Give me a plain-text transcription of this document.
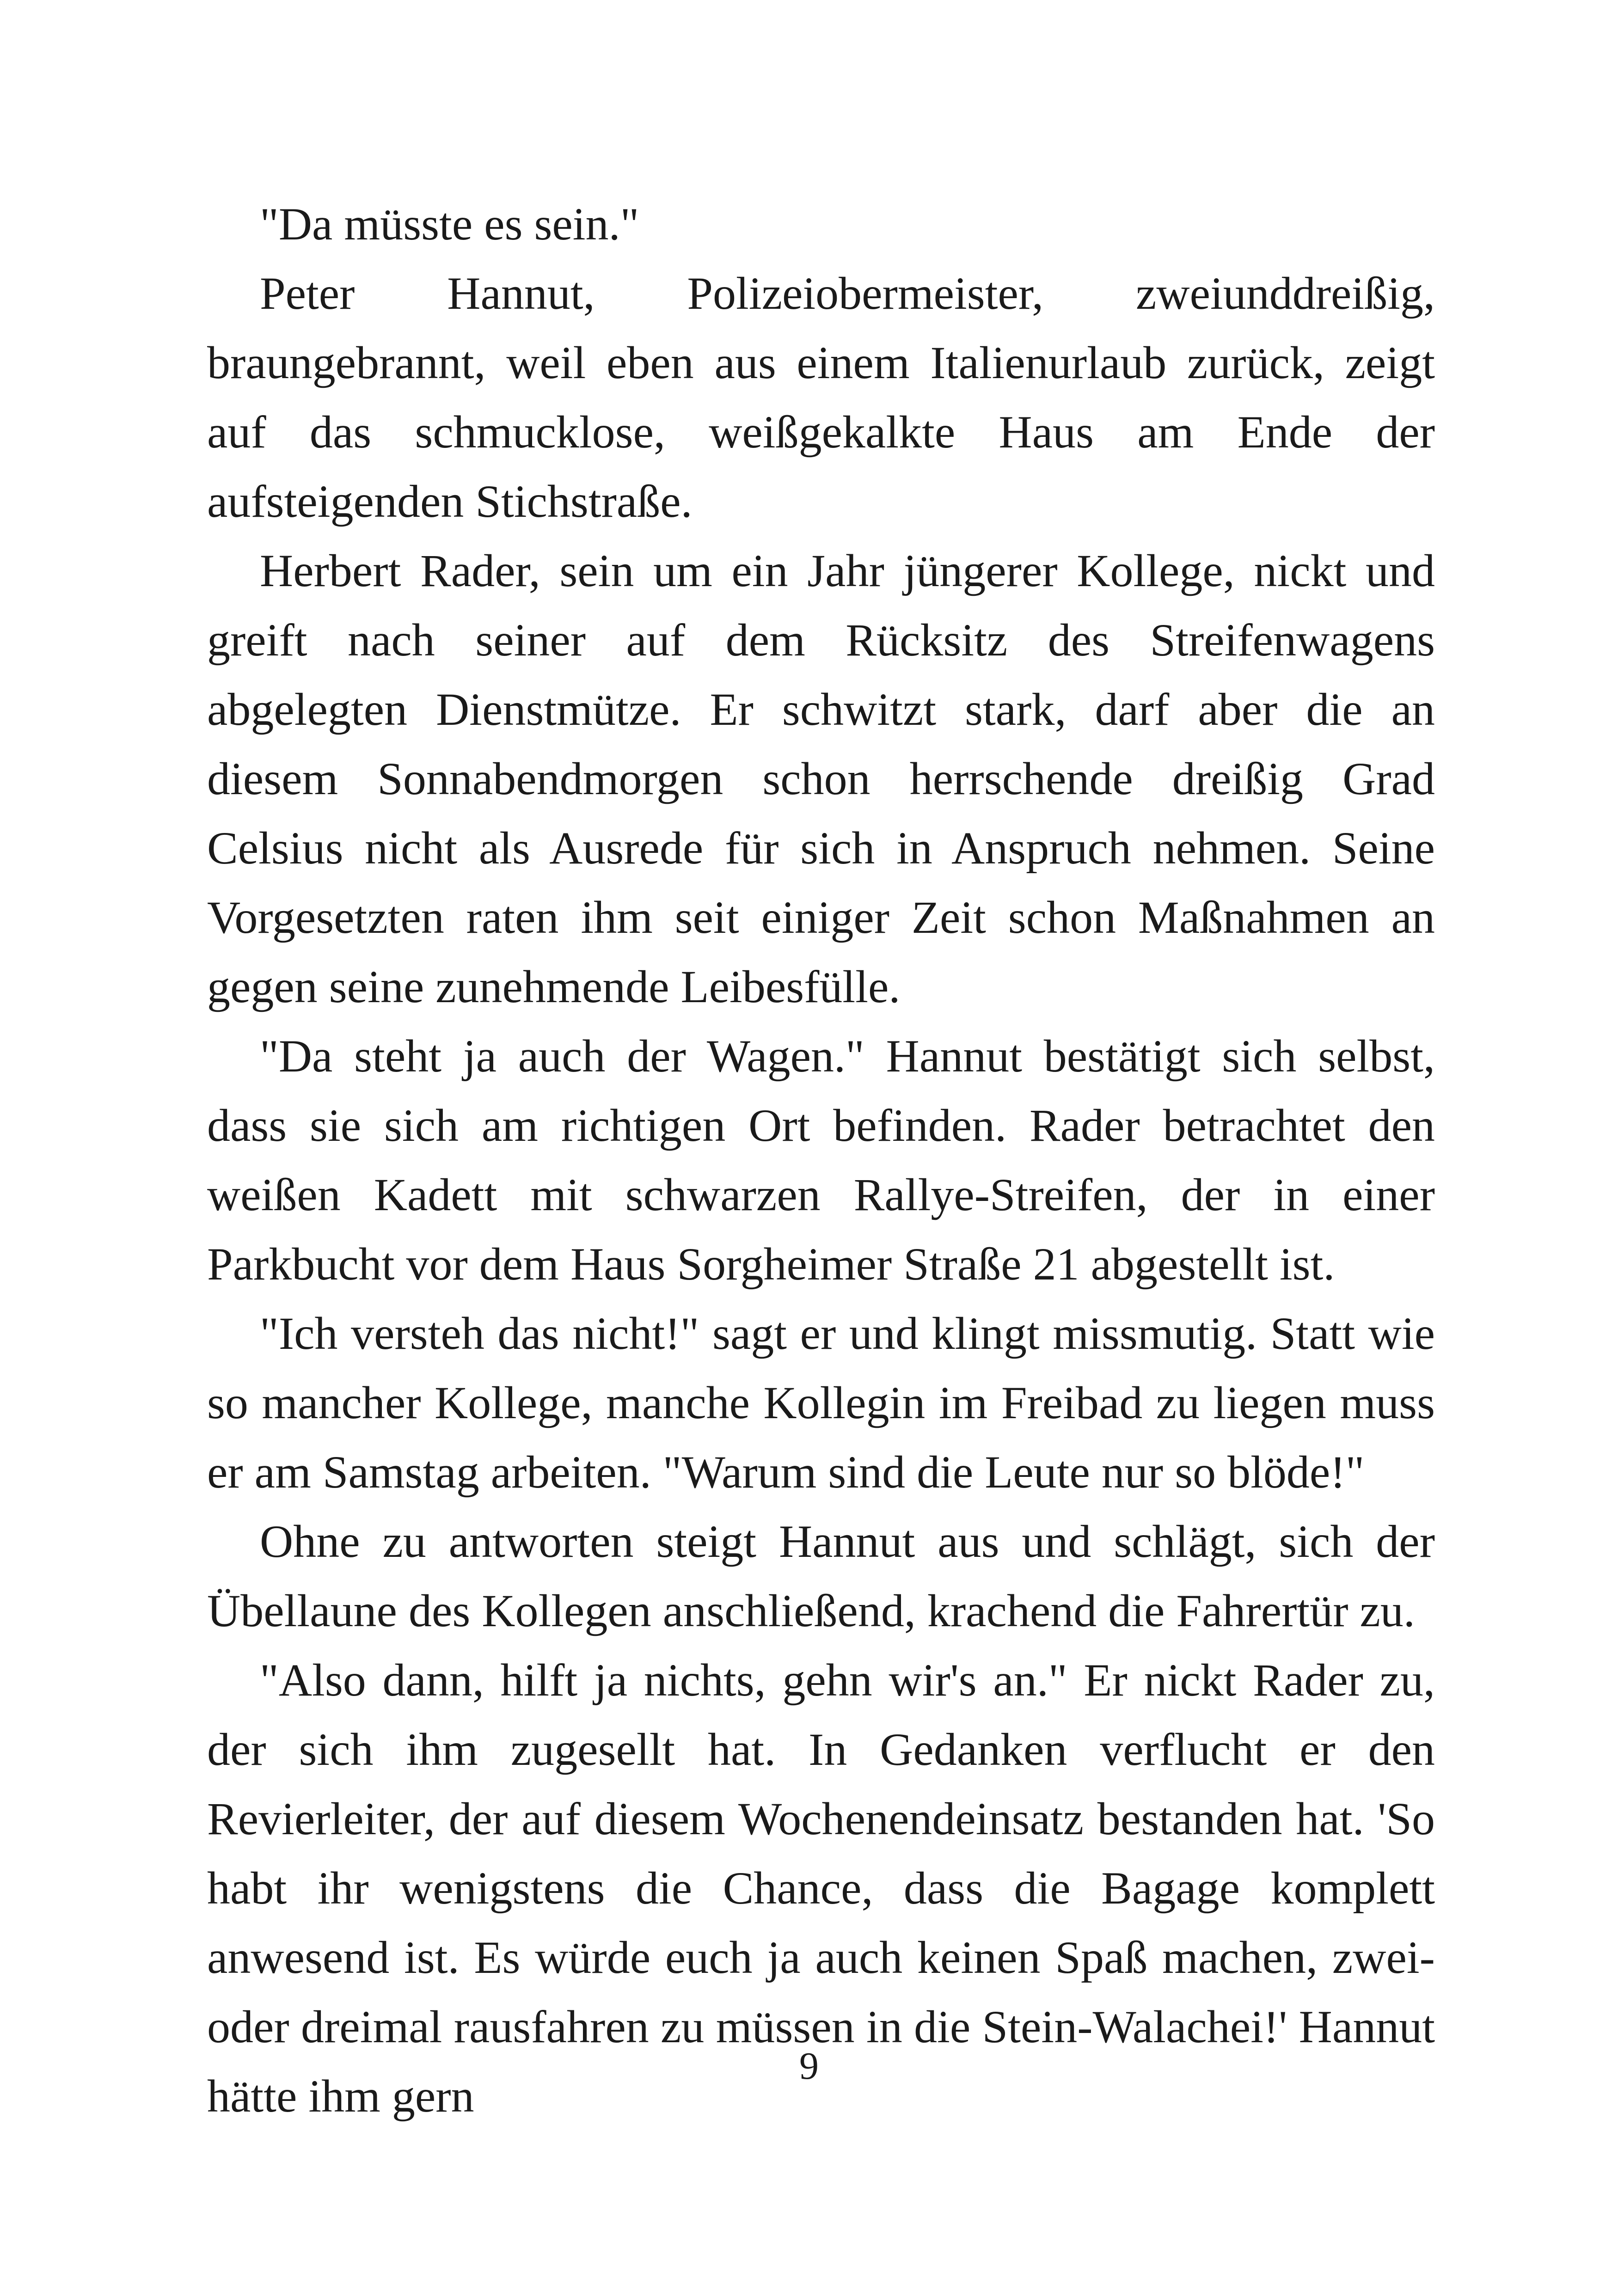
"Da müsste es sein."

Peter Hannut, Polizeiobermeister, zweiunddreißig, braungebrannt, weil eben aus einem Italienurlaub zurück, zeigt auf das schmucklose, weißgekalkte Haus am Ende der aufsteigenden Stichstraße.

Herbert Rader, sein um ein Jahr jüngerer Kollege, nickt und greift nach seiner auf dem Rücksitz des Streifenwagens abgelegten Dienstmütze. Er schwitzt stark, darf aber die an diesem Sonnabendmorgen schon herrschende dreißig Grad Celsius nicht als Ausrede für sich in Anspruch nehmen. Seine Vorgesetzten raten ihm seit einiger Zeit schon Maßnahmen an gegen seine zunehmende Leibesfülle.

"Da steht ja auch der Wagen." Hannut bestätigt sich selbst, dass sie sich am richtigen Ort befinden. Rader betrachtet den weißen Kadett mit schwarzen Rallye-Streifen, der in einer Parkbucht vor dem Haus Sorgheimer Straße 21 abgestellt ist.

"Ich versteh das nicht!" sagt er und klingt missmutig. Statt wie so mancher Kollege, manche Kollegin im Freibad zu liegen muss er am Samstag arbeiten. "Warum sind die Leute nur so blöde!"

Ohne zu antworten steigt Hannut aus und schlägt, sich der Übellaune des Kollegen anschließend, krachend die Fahrertür zu.

"Also dann, hilft ja nichts, gehn wir's an." Er nickt Rader zu, der sich ihm zugesellt hat. In Gedanken verflucht er den Revierleiter, der auf diesem Wochenendeinsatz bestanden hat. 'So habt ihr wenigstens die Chance, dass die Bagage komplett anwesend ist. Es würde euch ja auch keinen Spaß machen, zwei- oder dreimal rausfahren zu müssen in die Stein-Walachei!' Hannut hätte ihm gern

9
